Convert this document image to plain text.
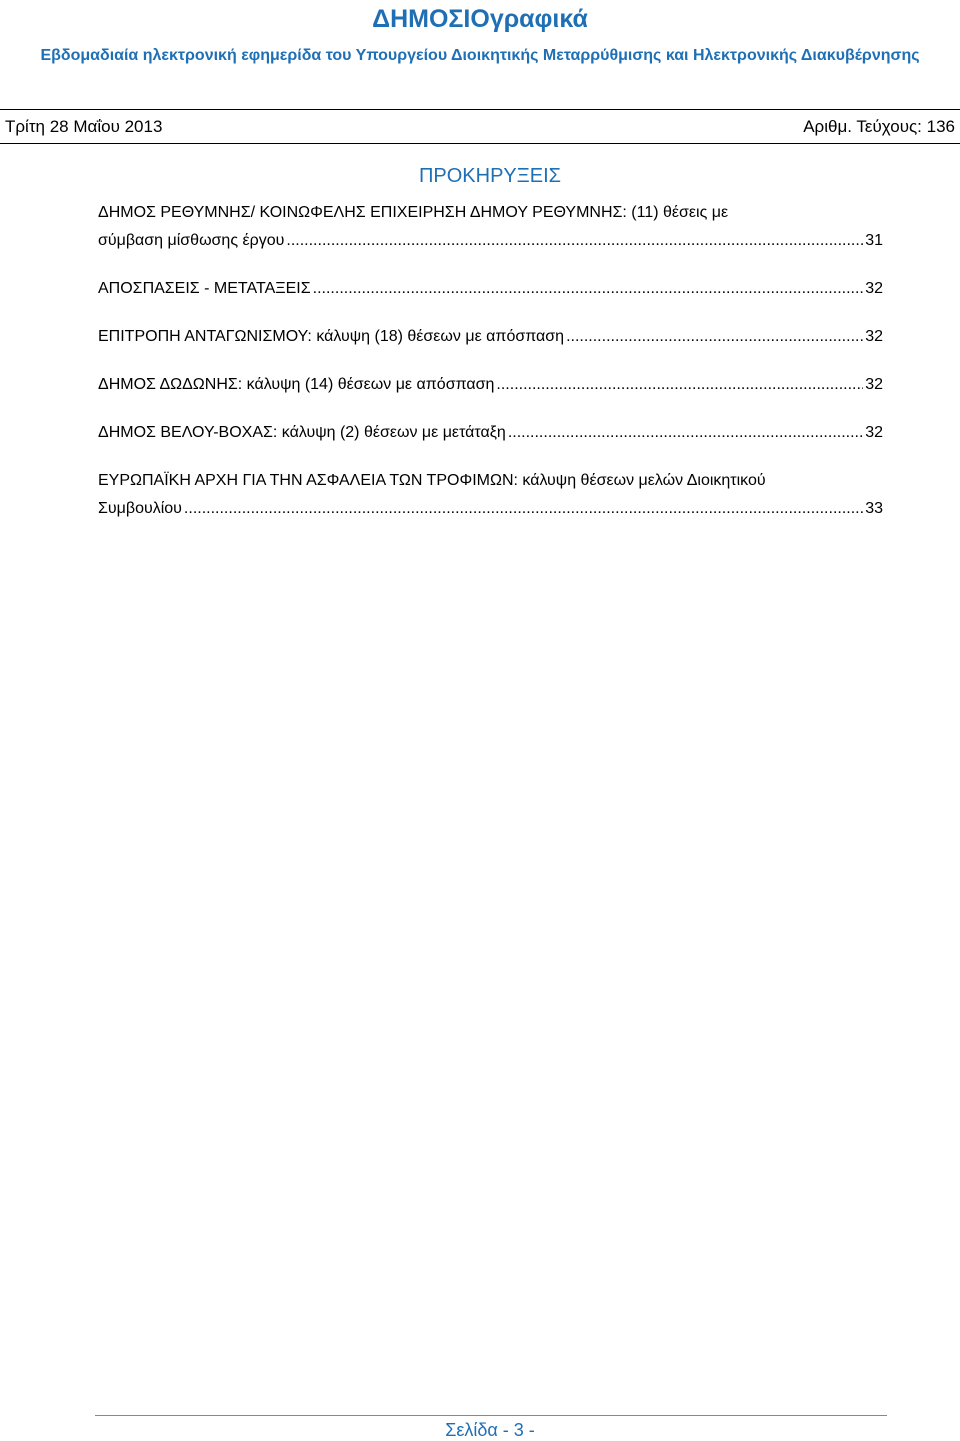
ΔΗΜΟΣΙΟγραφικά
Εβδομαδιαία ηλεκτρονική εφημερίδα του Υπουργείου Διοικητικής Μεταρρύθμισης και Ηλεκτρονικής Διακυβέρνησης
Τρίτη 28 Μαΐου 2013	Αριθμ. Τεύχους: 136
ΠΡΟΚΗΡΥΞΕΙΣ
ΔΗΜΟΣ ΡΕΘΥΜΝΗΣ/ ΚΟΙΝΩΦΕΛΗΣ ΕΠΙΧΕΙΡΗΣΗ ΔΗΜΟΥ ΡΕΘΥΜΝΗΣ: (11) θέσεις με
σύμβαση μίσθωσης έργου .....	31
ΑΠΟΣΠΑΣΕΙΣ - ΜΕΤΑΤΑΞΕΙΣ .....	32
ΕΠΙΤΡΟΠΗ ΑΝΤΑΓΩΝΙΣΜΟΥ: κάλυψη (18) θέσεων με απόσπαση .....	32
ΔΗΜΟΣ ΔΩΔΩΝΗΣ: κάλυψη (14) θέσεων με απόσπαση .....	32
ΔΗΜΟΣ ΒΕΛΟΥ-ΒΟΧΑΣ: κάλυψη (2) θέσεων με μετάταξη .....	32
ΕΥΡΩΠΑΪΚΗ ΑΡΧΗ ΓΙΑ ΤΗΝ ΑΣΦΑΛΕΙΑ ΤΩΝ ΤΡΟΦΙΜΩΝ: κάλυψη θέσεων μελών Διοικητικού
Συμβουλίου .....	33
Σελίδα - 3 -
